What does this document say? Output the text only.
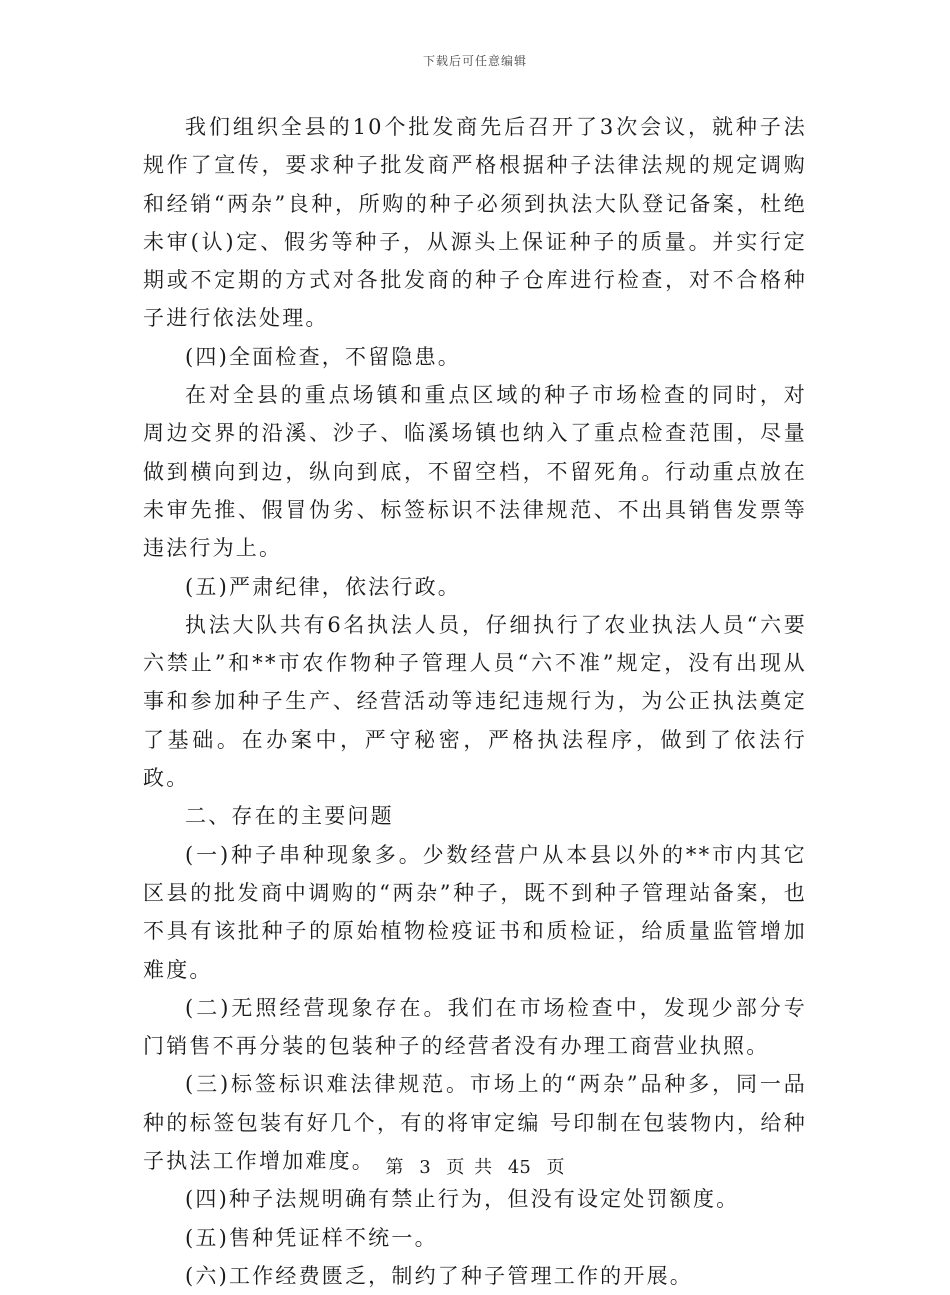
下载后可任意编辑

我们组织全县的10个批发商先后召开了3次会议，就种子法规作了宣传，要求种子批发商严格根据种子法律法规的规定调购和经销“两杂”良种，所购的种子必须到执法大队登记备案，杜绝未审(认)定、假劣等种子，从源头上保证种子的质量。并实行定期或不定期的方式对各批发商的种子仓库进行检查，对不合格种子进行依法处理。

(四)全面检查，不留隐患。

在对全县的重点场镇和重点区域的种子市场检查的同时，对周边交界的沿溪、沙子、临溪场镇也纳入了重点检查范围，尽量做到横向到边，纵向到底，不留空档，不留死角。行动重点放在未审先推、假冒伪劣、标签标识不法律规范、不出具销售发票等违法行为上。

(五)严肃纪律，依法行政。

执法大队共有6名执法人员，仔细执行了农业执法人员“六要六禁止”和**市农作物种子管理人员“六不准”规定，没有出现从事和参加种子生产、经营活动等违纪违规行为，为公正执法奠定了基础。在办案中，严守秘密，严格执法程序，做到了依法行政。

二、存在的主要问题

(一)种子串种现象多。少数经营户从本县以外的**市内其它区县的批发商中调购的“两杂”种子，既不到种子管理站备案，也不具有该批种子的原始植物检疫证书和质检证，给质量监管增加难度。

(二)无照经营现象存在。我们在市场检查中，发现少部分专门销售不再分装的包装种子的经营者没有办理工商营业执照。

(三)标签标识难法律规范。市场上的“两杂”品种多，同一品种的标签包装有好几个，有的将审定编 号印制在包装物内，给种子执法工作增加难度。

(四)种子法规明确有禁止行为，但没有设定处罚额度。

(五)售种凭证样不统一。

(六)工作经费匮乏，制约了种子管理工作的开展。

第 3 页 共 45 页
